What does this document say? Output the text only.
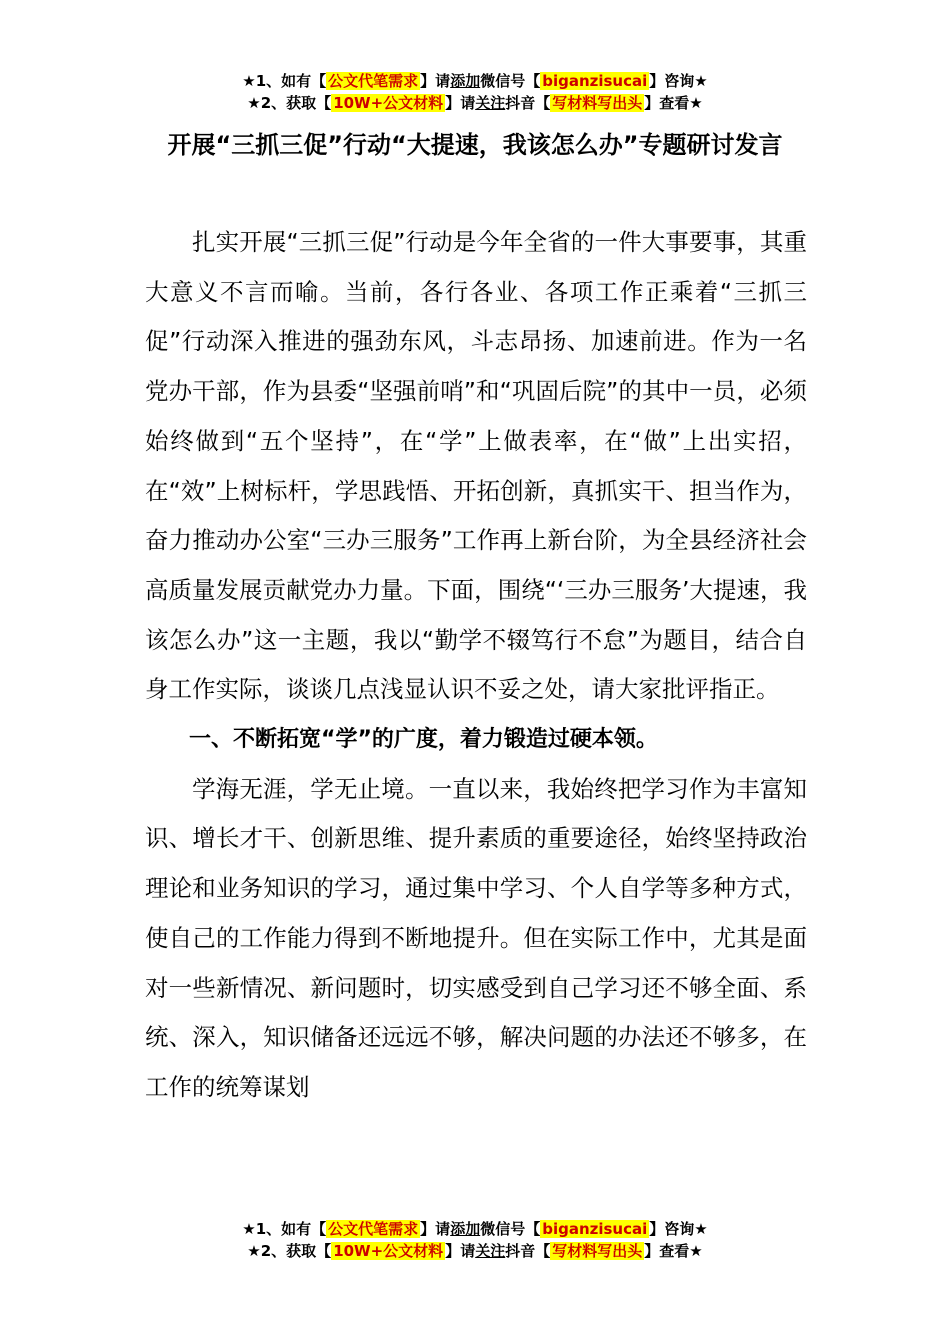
★1、如有【 公文代笔需求 】请添加微信号【 biganzisucai 】咨询★
★2、获取【 10W+公文材料 】请关注抖音【 写材料写出头 】查看★
开展“三抓三促”行动“大提速，我该怎么办”专题研讨发言

扎实开展“三抓三促”行动是今年全省的一件大事要事，其重大意义不言而喻。当前，各行各业、各项工作正乘着“三抓三促”行动深入推进的强劲东风，斗志昂扬、加速前进。作为一名党办干部，作为县委“坚强前哨”和“巩固后院”的其中一员，必须始终做到“五个坚持”，在“学”上做表率，在“做”上出实招，在“效”上树标杆，学思践悟、开拓创新，真抓实干、担当作为，奋力推动办公室“三办三服务”工作再上新台阶，为全县经济社会高质量发展贡献党办力量。下面，围绕“‘三办三服务’大提速，我该怎么办”这一主题，我以“勤学不辍笃行不怠”为题目，结合自身工作实际，谈谈几点浅显认识不妥之处，请大家批评指正。

一、不断拓宽“学”的广度，着力锻造过硬本领。

学海无涯，学无止境。一直以来，我始终把学习作为丰富知识、增长才干、创新思维、提升素质的重要途径，始终坚持政治理论和业务知识的学习，通过集中学习、个人自学等多种方式，使自己的工作能力得到不断地提升。但在实际工作中，尤其是面对一些新情况、新问题时，切实感受到自己学习还不够全面、系统、深入，知识储备还远远不够，解决问题的办法还不够多，在工作的统筹谋划

★1、如有【 公文代笔需求 】请添加微信号【 biganzisucai 】咨询★
★2、获取【 10W+公文材料 】请关注抖音【 写材料写出头 】查看★
